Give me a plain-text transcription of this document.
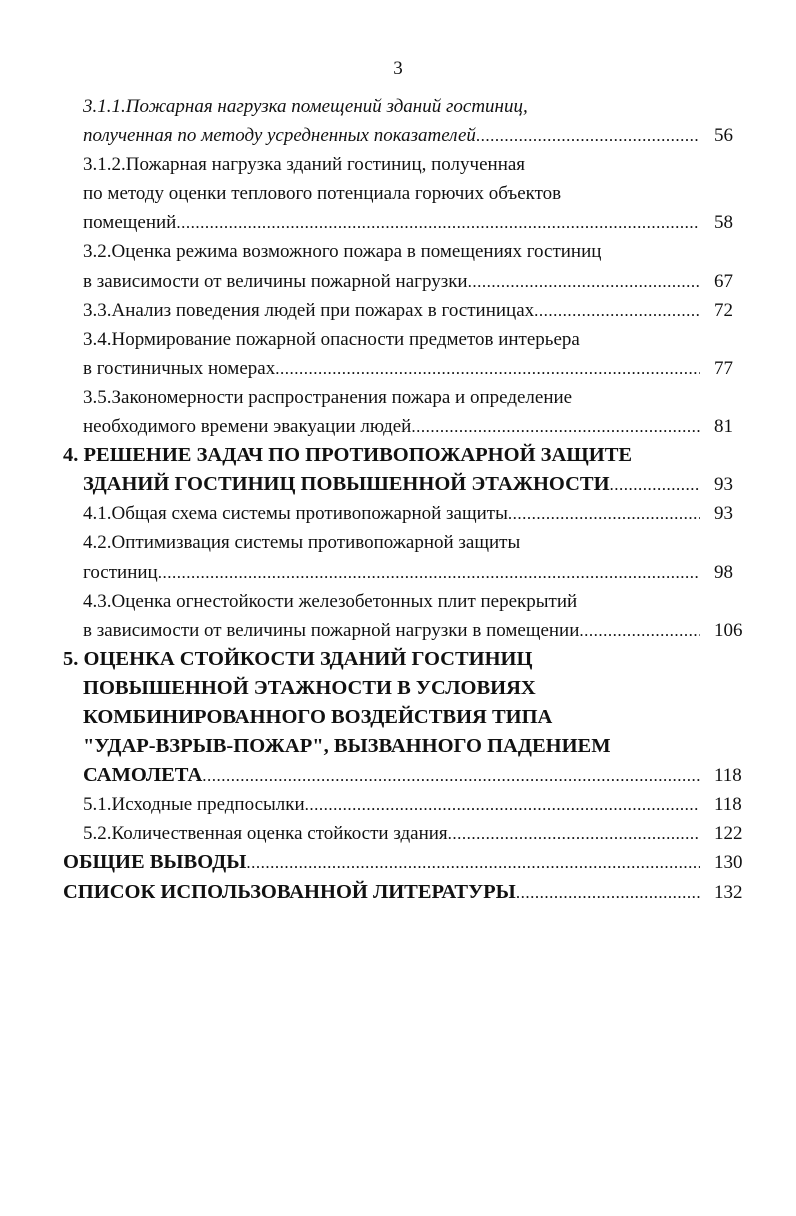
3
3.1.1.Пожарная нагрузка помещений зданий гостиниц,
полученная по методу усредненных показателей .....	56
3.1.2.Пожарная нагрузка зданий гостиниц, полученная
по методу оценки теплового потенциала горючих объектов
помещений .....	58
3.2.Оценка режима возможного пожара в помещениях гостиниц
в зависимости от величины пожарной нагрузки .....	67
3.3.Анализ поведения людей при пожарах в гостиницах .....	72
3.4.Нормирование пожарной опасности предметов интерьера
в гостиничных номерах .....	77
3.5.Закономерности распространения пожара и определение
необходимого времени эвакуации людей .....	81
4. РЕШЕНИЕ ЗАДАЧ ПО ПРОТИВОПОЖАРНОЙ ЗАЩИТЕ
ЗДАНИЙ ГОСТИНИЦ ПОВЫШЕННОЙ ЭТАЖНОСТИ .....	93
4.1.Общая схема системы противопожарной защиты .....	93
4.2.Оптимизвация системы противопожарной защиты
гостиниц .....	98
4.3.Оценка огнестойкости железобетонных плит перекрытий
в зависимости от величины пожарной нагрузки в помещении .....	106
5. ОЦЕНКА СТОЙКОСТИ ЗДАНИЙ ГОСТИНИЦ
ПОВЫШЕННОЙ ЭТАЖНОСТИ В УСЛОВИЯХ
КОМБИНИРОВАННОГО ВОЗДЕЙСТВИЯ ТИПА
"УДАР-ВЗРЫВ-ПОЖАР", ВЫЗВАННОГО ПАДЕНИЕМ
САМОЛЕТА .....	118
5.1.Исходные предпосылки .....	118
5.2.Количественная оценка стойкости здания .....	122
ОБЩИЕ ВЫВОДЫ .....	130
СПИСОК ИСПОЛЬЗОВАННОЙ ЛИТЕРАТУРЫ .....	132
